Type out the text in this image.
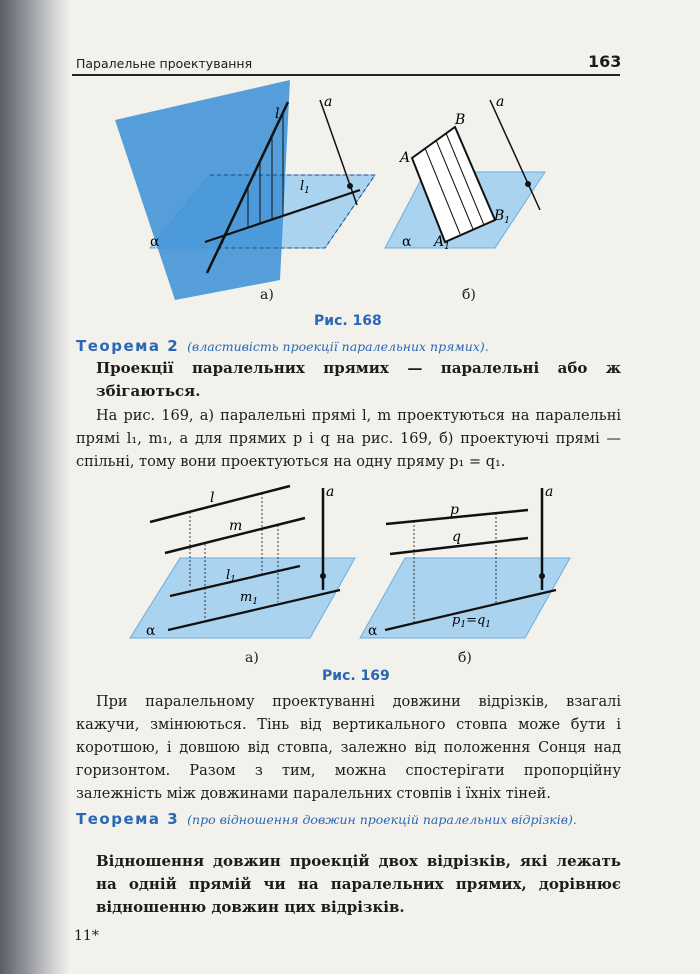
Паралельне проектування	163
l
$l_1$
a
α
a
B
A
$B_1$
$A_1$
α
а)	б)
Рис. 168
Теорема 2 (властивість проекції паралельних прямих).
Проекції паралельних прямих — паралельні або ж збігаються.
На рис. 169, а) паралельні прямі l, m проектуються на паралельні прямі l₁, m₁, а для прямих p і q на рис. 169, б) проектуючі прямі — спільні, тому вони проектуються на одну пряму p₁ = q₁.
l
m
$l_1$
$m_1$
a
α
p
q
$p_1=q_1$
a
α
а)	б)
Рис. 169
При паралельному проектуванні довжини відрізків, взагалі кажучи, змінюються. Тінь від вертикального стовпа може бути і коротшою, і довшою від стовпа, залежно від положення Сонця над горизонтом. Разом з тим, можна спостерігати пропорційну залежність між довжинами паралельних стовпів і їхніх тіней.
Теорема 3 (про відношення довжин проекцій паралельних відрізків).
Відношення довжин проекцій двох відрізків, які лежать на одній прямій чи на паралельних прямих, дорівнює відношенню довжин цих відрізків.
11*
